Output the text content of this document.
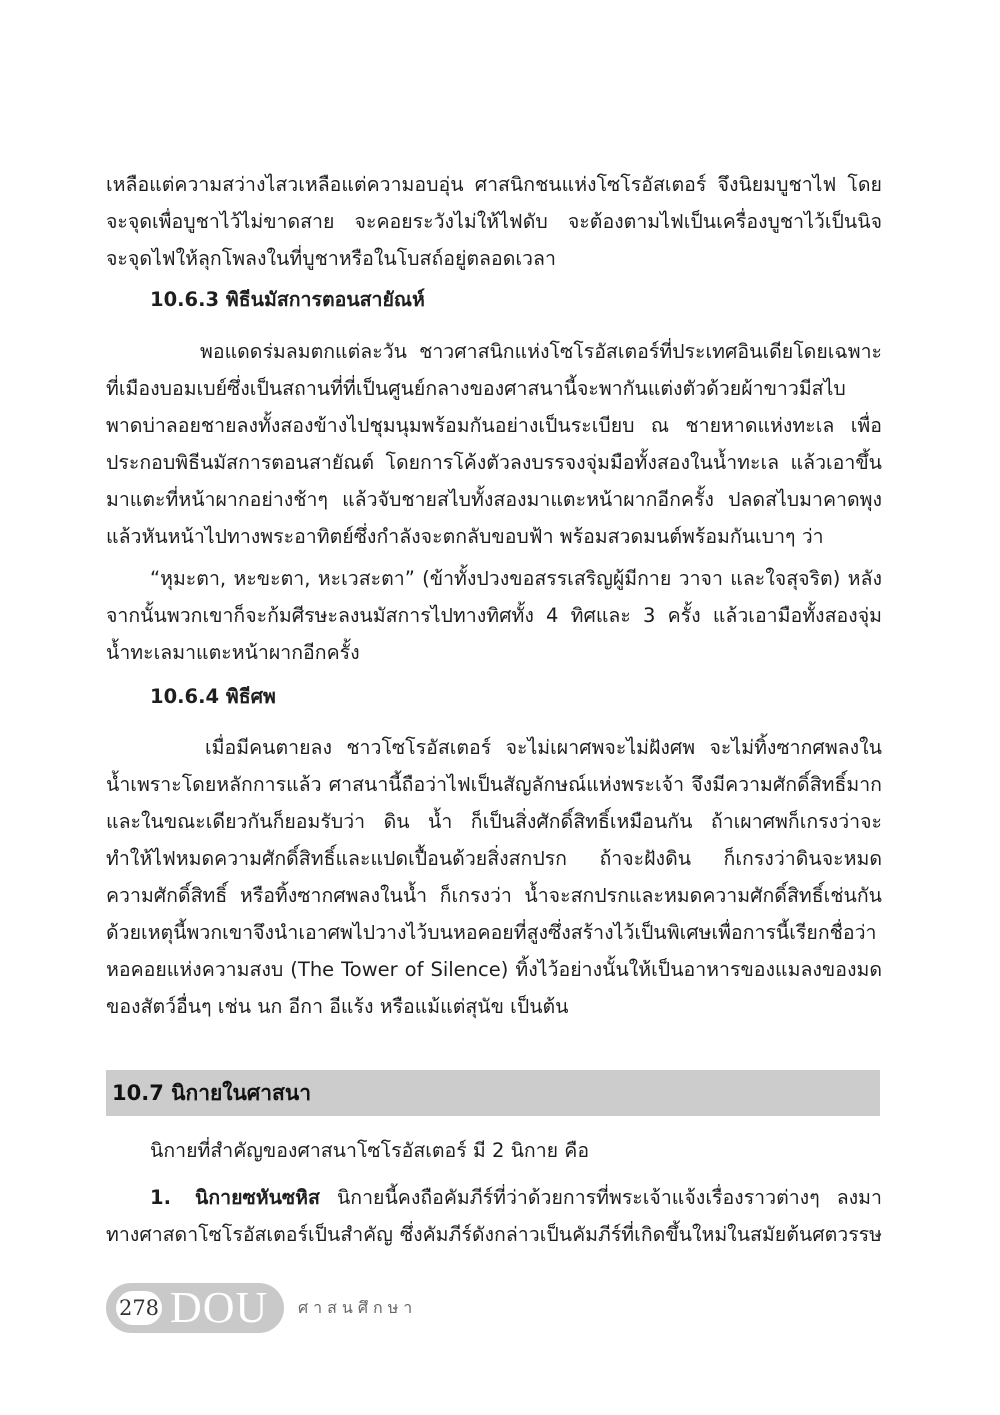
เหลือแต่ความสว่างไสวเหลือแต่ความอบอุ่น ศาสนิกชนแห่งโซโรอัสเตอร์ จึงนิยมบูชาไฟ โดย
จะจุดเพื่อบูชาไว้ไม่ขาดสาย จะคอยระวังไม่ให้ไฟดับ จะต้องตามไฟเป็นเครื่องบูชาไว้เป็นนิจ
จะจุดไฟให้ลุกโพลงในที่บูชาหรือในโบสถ์อยู่ตลอดเวลา
10.6.3 พิธีนมัสการตอนสายัณห์
พอแดดร่มลมตกแต่ละวัน ชาวศาสนิกแห่งโซโรอัสเตอร์ที่ประเทศอินเดียโดยเฉพาะ
ที่เมืองบอมเบย์ซึ่งเป็นสถานที่ที่เป็นศูนย์กลางของศาสนานี้จะพากันแต่งตัวด้วยผ้าขาวมีสไบ
พาดบ่าลอยชายลงทั้งสองข้างไปชุมนุมพร้อมกันอย่างเป็นระเบียบ ณ ชายหาดแห่งทะเล เพื่อ
ประกอบพิธีนมัสการตอนสายัณต์ โดยการโค้งตัวลงบรรจงจุ่มมือทั้งสองในน้ำทะเล แล้วเอาขึ้น
มาแตะที่หน้าผากอย่างช้าๆ แล้วจับชายสไบทั้งสองมาแตะหน้าผากอีกครั้ง ปลดสไบมาคาดพุง
แล้วหันหน้าไปทางพระอาทิตย์ซึ่งกำลังจะตกลับขอบฟ้า พร้อมสวดมนต์พร้อมกันเบาๆ ว่า
“หุมะตา, หะขะตา, หะเวสะตา” (ข้าทั้งปวงขอสรรเสริญผู้มีกาย วาจา และใจสุจริต) หลัง
จากนั้นพวกเขาก็จะก้มศีรษะลงนมัสการไปทางทิศทั้ง 4 ทิศและ 3 ครั้ง แล้วเอามือทั้งสองจุ่ม
น้ำทะเลมาแตะหน้าผากอีกครั้ง
10.6.4 พิธีศพ
เมื่อมีคนตายลง ชาวโซโรอัสเตอร์ จะไม่เผาศพจะไม่ฝังศพ จะไม่ทิ้งซากศพลงใน
น้ำเพราะโดยหลักการแล้ว ศาสนานี้ถือว่าไฟเป็นสัญลักษณ์แห่งพระเจ้า จึงมีความศักดิ์สิทธิ์มาก
และในขณะเดียวกันก็ยอมรับว่า ดิน น้ำ ก็เป็นสิ่งศักดิ์สิทธิ์เหมือนกัน ถ้าเผาศพก็เกรงว่าจะ
ทำให้ไฟหมดความศักดิ์สิทธิ์และแปดเปื้อนด้วยสิ่งสกปรก ถ้าจะฝังดิน ก็เกรงว่าดินจะหมด
ความศักดิ์สิทธิ์ หรือทิ้งซากศพลงในน้ำ ก็เกรงว่า น้ำจะสกปรกและหมดความศักดิ์สิทธิ์เช่นกัน
ด้วยเหตุนี้พวกเขาจึงนำเอาศพไปวางไว้บนหอคอยที่สูงซึ่งสร้างไว้เป็นพิเศษเพื่อการนี้เรียกชื่อว่า
หอคอยแห่งความสงบ (The Tower of Silence) ทิ้งไว้อย่างนั้นให้เป็นอาหารของแมลงของมด
ของสัตว์อื่นๆ เช่น นก อีกา อีแร้ง หรือแม้แต่สุนัข เป็นต้น
10.7 นิกายในศาสนา
นิกายที่สำคัญของศาสนาโซโรอัสเตอร์ มี 2 นิกาย คือ
1. นิกายซหันซหิส นิกายนี้คงถือคัมภีร์ที่ว่าด้วยการที่พระเจ้าแจ้งเรื่องราวต่างๆ ลงมา
ทางศาสดาโซโรอัสเตอร์เป็นสำคัญ ซึ่งคัมภีร์ดังกล่าวเป็นคัมภีร์ที่เกิดขึ้นใหม่ในสมัยต้นศตวรรษ
278 DOU ศาสนศึกษา
